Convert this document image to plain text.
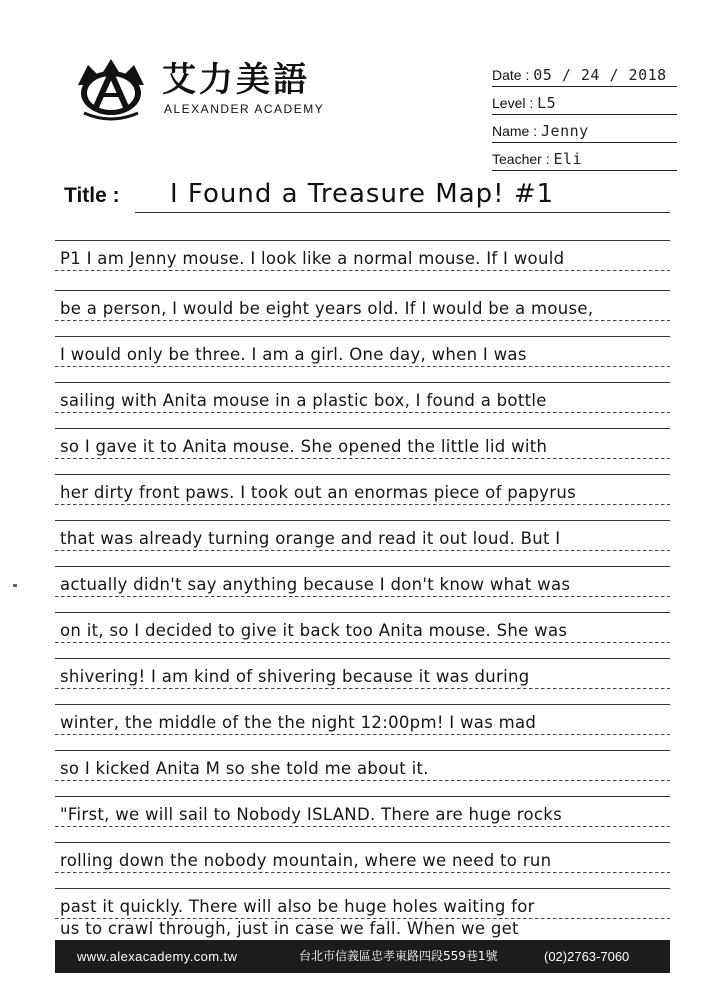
艾力美語
ALEXANDER ACADEMY
Date : 05 / 24 / 2018
Level : L5
Name : Jenny
Teacher : Eli
Title : I Found a Treasure Map! #1
P1 I am Jenny mouse. I look like a normal mouse. If I would
be a person, I would be eight years old. If I would be a mouse,
I would only be three. I am a girl. One day, when I was
sailing with Anita mouse in a plastic box, I found a bottle
so I gave it to Anita mouse. She opened the little lid with
her dirty front paws. I took out an enormas piece of papyrus
that was already turning orange and read it out loud. But I
actually didn't say anything because I don't know what was
on it, so I decided to give it back too Anita mouse. She was
shivering! I am kind of shivering because it was during
winter, the middle of the the night 12:00pm! I was mad
so I kicked Anita M so she told me about it.
"First, we will sail to Nobody ISLAND. There are huge rocks
rolling down the nobody mountain, where we need to run
past it quickly. There will also be huge holes waiting for
us to crawl through, just in case we fall. When we get
www.alexacademy.com.tw	台北市信義區忠孝東路四段559巷1號	(02)2763-7060
